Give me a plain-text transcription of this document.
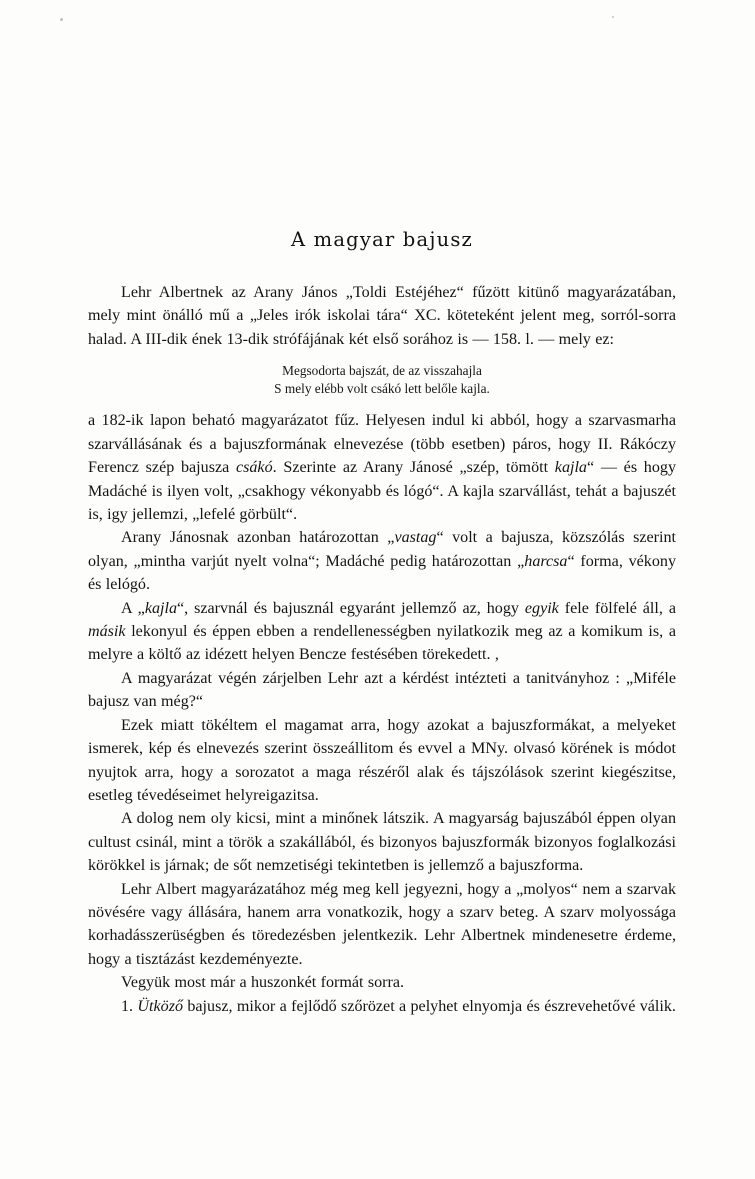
A magyar bajusz

Lehr Albertnek az Arany János „Toldi Estéjéhez“ fűzött kitünő magyarázatában, mely mint önálló mű a „Jeles irók iskolai tára“ XC. köteteként jelent meg, sorról-sorra halad. A III-dik ének 13-dik strófájának két első sorához is — 158. l. — mely ez:

Megsodorta bajszát, de az visszahajla
S mely elébb volt csákó lett belőle kajla.

a 182-ik lapon beható magyarázatot fűz. Helyesen indul ki abból, hogy a szarvasmarha szarvállásának és a bajuszformának elnevezése (több esetben) páros, hogy II. Rákóczy Ferencz szép bajusza csákó. Szerinte az Arany Jánosé „szép, tömött kajla“ — és hogy Madáché is ilyen volt, „csakhogy vékonyabb és lógó“. A kajla szarvállást, tehát a bajuszét is, igy jellemzi, „lefelé görbült“.

Arany Jánosnak azonban határozottan „vastag“ volt a bajusza, közszólás szerint olyan, „mintha varjút nyelt volna“; Madáché pedig határozottan „harcsa“ forma, vékony és lelógó.

A „kajla“, szarvnál és bajusznál egyaránt jellemző az, hogy egyik fele fölfelé áll, a másik lekonyul és éppen ebben a rendellenességben nyilatkozik meg az a komikum is, a melyre a költő az idézett helyen Bencze festésében törekedett. ,

A magyarázat végén zárjelben Lehr azt a kérdést intézteti a tanitványhoz : „Miféle bajusz van még?“

Ezek miatt tökéltem el magamat arra, hogy azokat a bajuszformákat, a melyeket ismerek, kép és elnevezés szerint összeállitom és evvel a MNy. olvasó körének is módot nyujtok arra, hogy a sorozatot a maga részéről alak és tájszólások szerint kiegészitse, esetleg tévedéseimet helyreigazitsa.

A dolog nem oly kicsi, mint a minőnek látszik. A magyarság bajuszából éppen olyan cultust csinál, mint a török a szakállából, és bizonyos bajuszformák bizonyos foglalkozási körökkel is járnak; de sőt nemzetiségi tekintetben is jellemző a bajuszforma.

Lehr Albert magyarázatához még meg kell jegyezni, hogy a „molyos“ nem a szarvak növésére vagy állására, hanem arra vonatkozik, hogy a szarv beteg. A szarv molyossága korhadásszerüségben és töredezésben jelentkezik. Lehr Albertnek mindenesetre érdeme, hogy a tisztázást kezdeményezte.

Vegyük most már a huszonkét formát sorra.

1. Ütköző bajusz, mikor a fejlődő szőrözet a pelyhet elnyomja és észrevehetővé válik.
